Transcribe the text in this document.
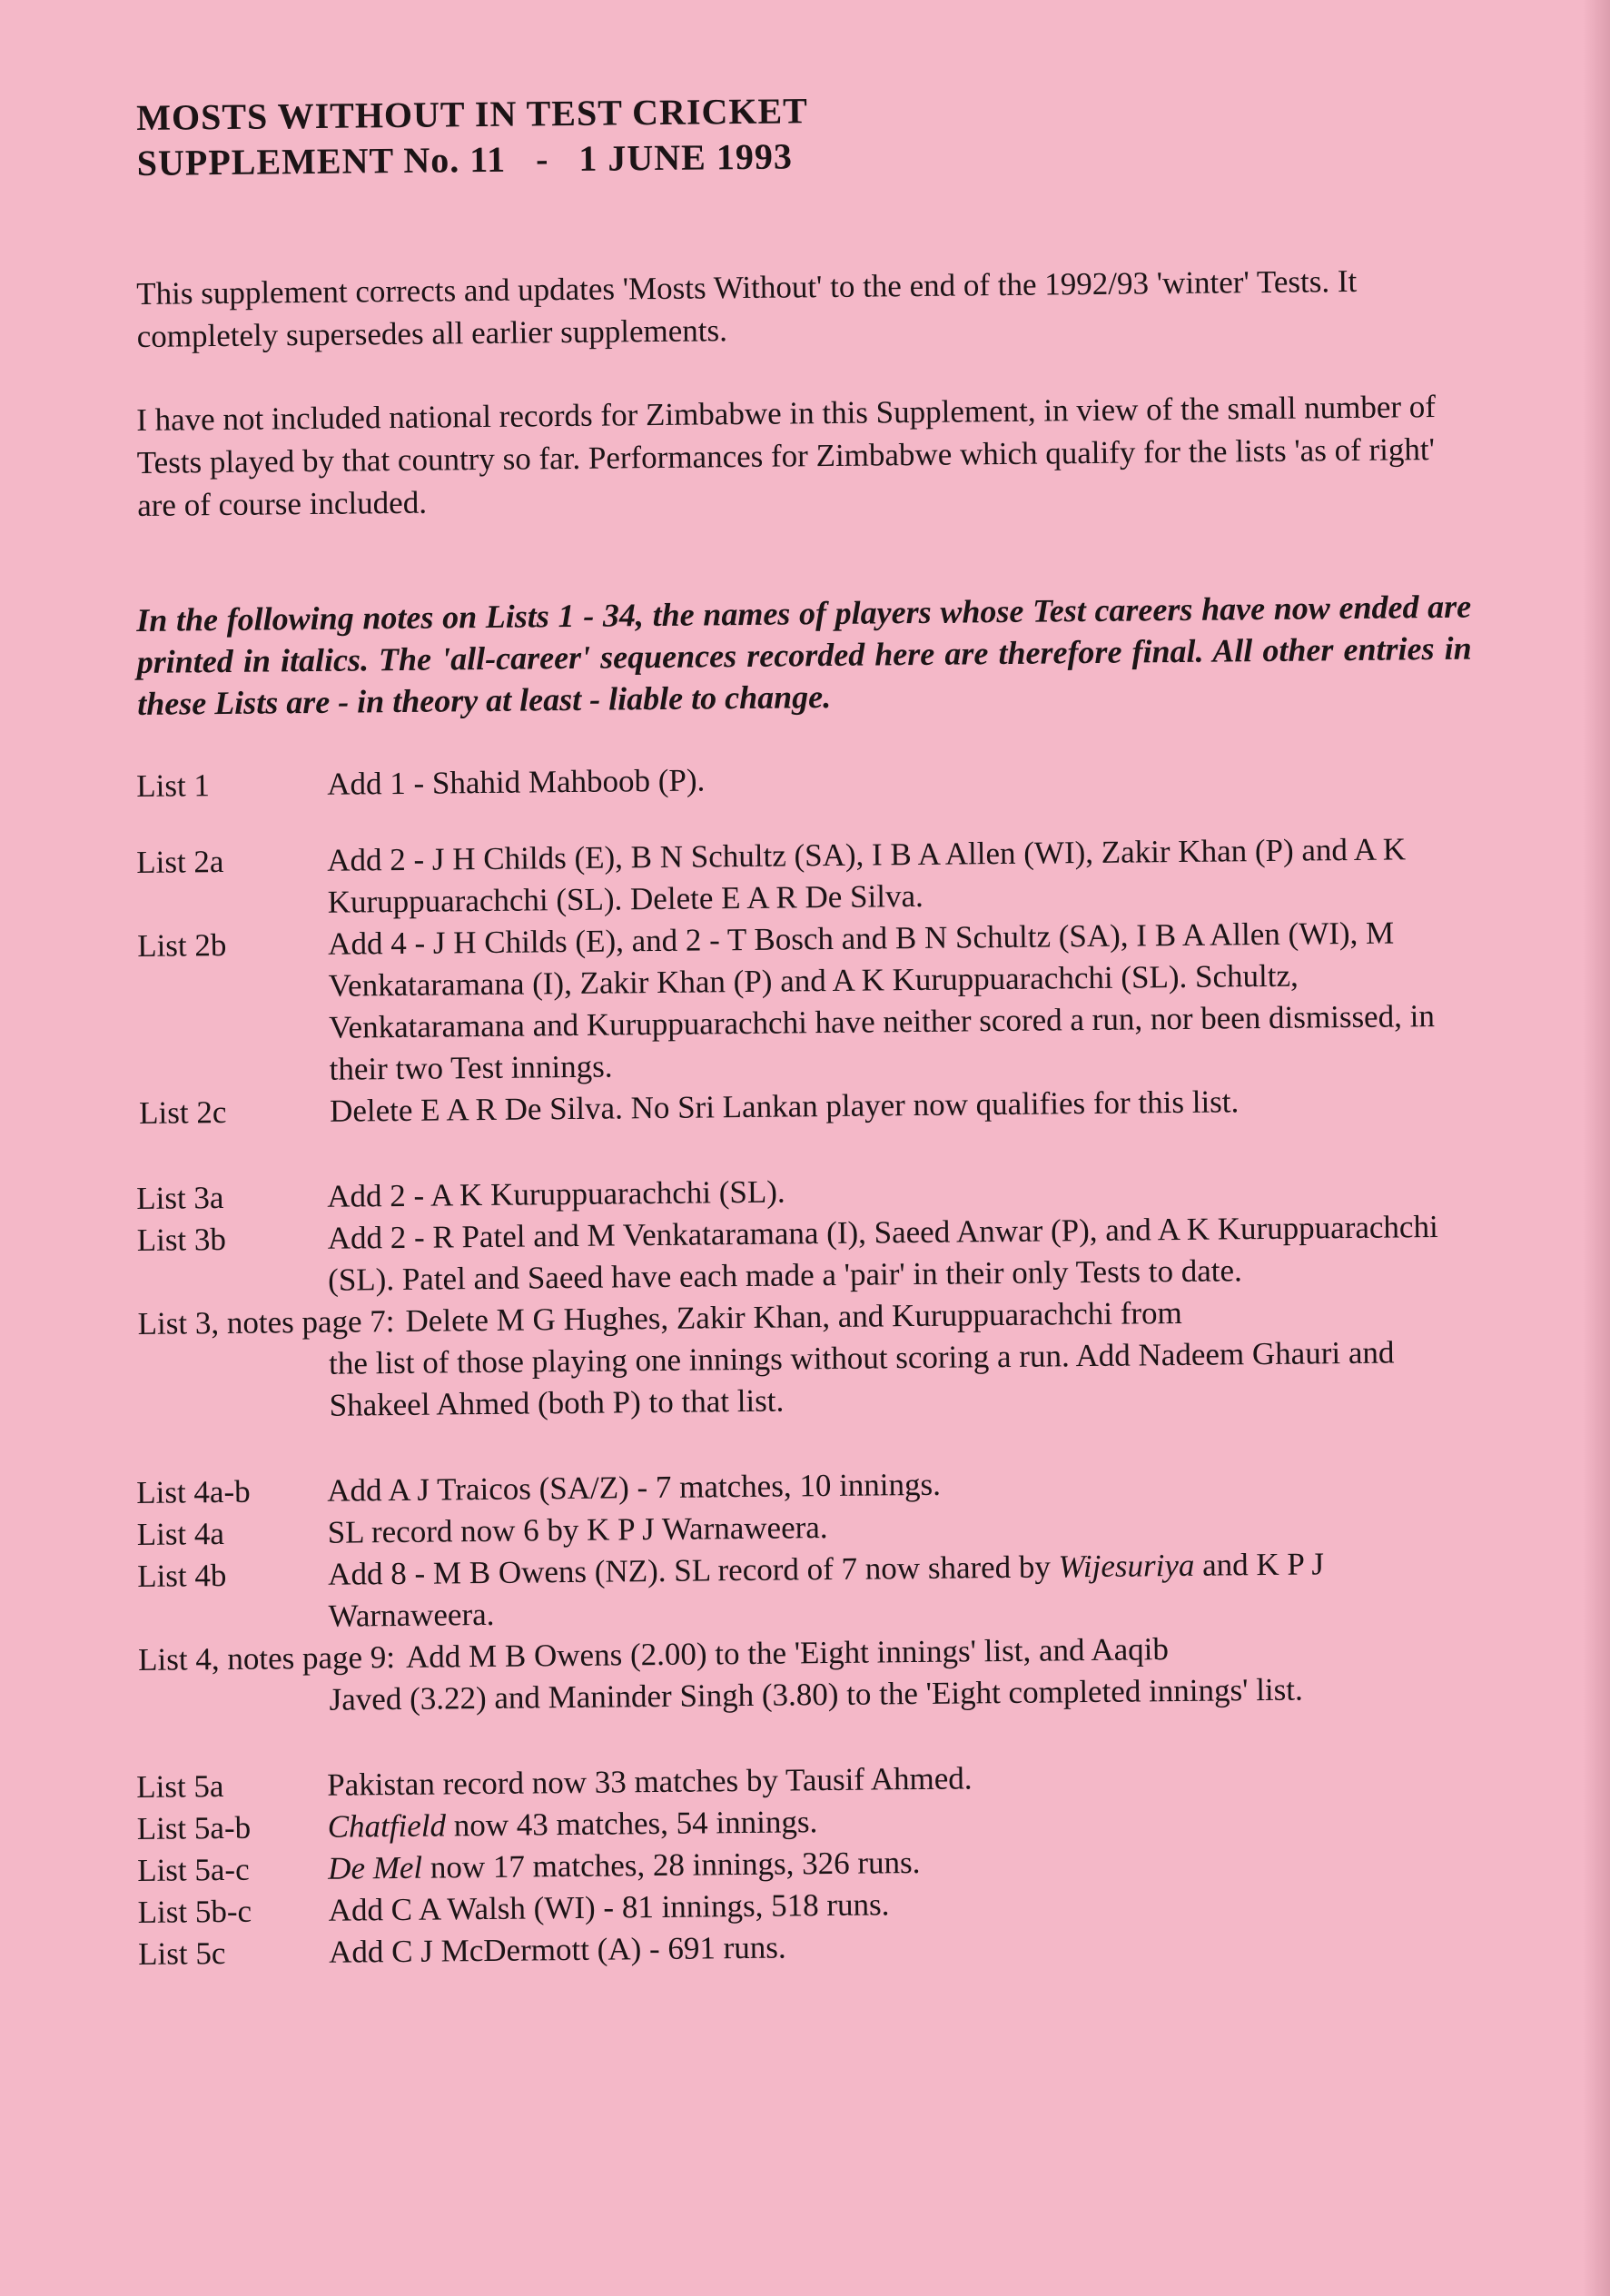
MOSTS WITHOUT IN TEST CRICKET
SUPPLEMENT No. 11   -   1 JUNE 1993

This supplement corrects and updates 'Mosts Without' to the end of the 1992/93 'winter' Tests. It completely supersedes all earlier supplements.

I have not included national records for Zimbabwe in this Supplement, in view of the small number of Tests played by that country so far. Performances for Zimbabwe which qualify for the lists 'as of right' are of course included.

In the following notes on Lists 1 - 34, the names of players whose Test careers have now ended are printed in italics. The 'all-career' sequences recorded here are therefore final. All other entries in these Lists are - in theory at least - liable to change.

List 1	Add 1 - Shahid Mahboob (P).
List 2a	Add 2 - J H Childs (E), B N Schultz (SA), I B A Allen (WI), Zakir Khan (P) and A K Kuruppuarachchi (SL). Delete E A R De Silva.
List 2b	Add 4 - J H Childs (E), and 2 - T Bosch and B N Schultz (SA), I B A Allen (WI), M Venkataramana (I), Zakir Khan (P) and A K Kuruppuarachchi (SL). Schultz, Venkataramana and Kuruppuarachchi have neither scored a run, nor been dismissed, in their two Test innings.
List 2c	Delete E A R De Silva. No Sri Lankan player now qualifies for this list.
List 3a	Add 2 - A K Kuruppuarachchi (SL).
List 3b	Add 2 - R Patel and M Venkataramana (I), Saeed Anwar (P), and A K Kuruppuarachchi (SL). Patel and Saeed have each made a 'pair' in their only Tests to date.
List 3, notes page 7: Delete M G Hughes, Zakir Khan, and Kuruppuarachchi from
the list of those playing one innings without scoring a run. Add Nadeem Ghauri and Shakeel Ahmed (both P) to that list.
List 4a-b	Add A J Traicos (SA/Z) - 7 matches, 10 innings.
List 4a	SL record now 6 by K P J Warnaweera.
List 4b	Add 8 - M B Owens (NZ). SL record of 7 now shared by Wijesuriya and K P J Warnaweera.
List 4, notes page 9: Add M B Owens (2.00) to the 'Eight innings' list, and Aaqib
Javed (3.22) and Maninder Singh (3.80) to the 'Eight completed innings' list.
List 5a	Pakistan record now 33 matches by Tausif Ahmed.
List 5a-b	Chatfield now 43 matches, 54 innings.
List 5a-c	De Mel now 17 matches, 28 innings, 326 runs.
List 5b-c	Add C A Walsh (WI) - 81 innings, 518 runs.
List 5c	Add C J McDermott (A) - 691 runs.
